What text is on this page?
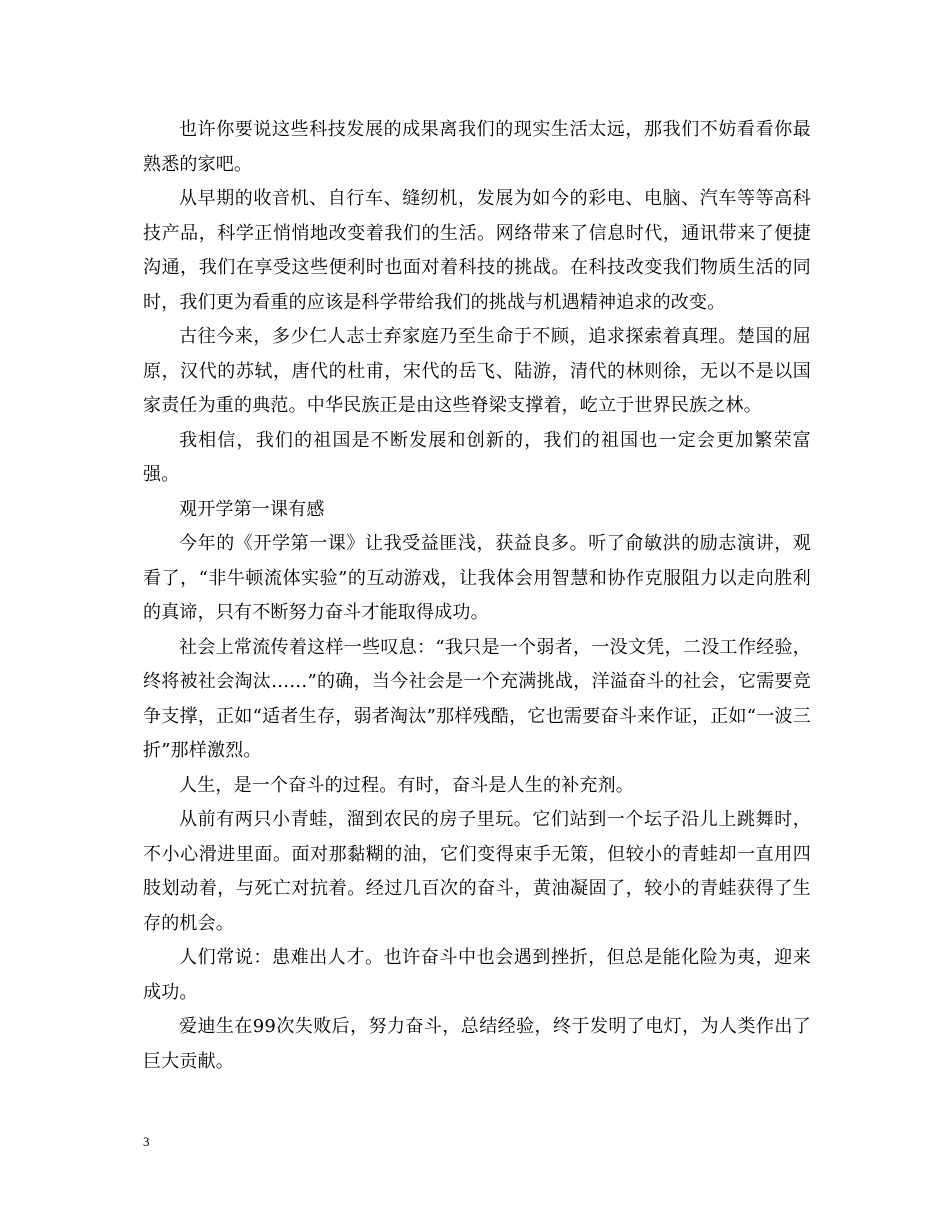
也许你要说这些科技发展的成果离我们的现实生活太远，那我们不妨看看你最熟悉的家吧。

从早期的收音机、自行车、缝纫机，发展为如今的彩电、电脑、汽车等等高科技产品，科学正悄悄地改变着我们的生活。网络带来了信息时代，通讯带来了便捷沟通，我们在享受这些便利时也面对着科技的挑战。在科技改变我们物质生活的同时，我们更为看重的应该是科学带给我们的挑战与机遇精神追求的改变。

古往今来，多少仁人志士弃家庭乃至生命于不顾，追求探索着真理。楚国的屈原，汉代的苏轼，唐代的杜甫，宋代的岳飞、陆游，清代的林则徐，无以不是以国家责任为重的典范。中华民族正是由这些脊梁支撑着，屹立于世界民族之林。

我相信，我们的祖国是不断发展和创新的，我们的祖国也一定会更加繁荣富强。

观开学第一课有感

今年的《开学第一课》让我受益匪浅，获益良多。听了俞敏洪的励志演讲，观看了，“非牛顿流体实验”的互动游戏，让我体会用智慧和协作克服阻力以走向胜利的真谛，只有不断努力奋斗才能取得成功。

社会上常流传着这样一些叹息：“我只是一个弱者，一没文凭，二没工作经验，终将被社会淘汰……”的确，当今社会是一个充满挑战，洋溢奋斗的社会，它需要竞争支撑，正如“适者生存，弱者淘汰”那样残酷，它也需要奋斗来作证，正如“一波三折”那样激烈。

人生，是一个奋斗的过程。有时，奋斗是人生的补充剂。

从前有两只小青蛙，溜到农民的房子里玩。它们站到一个坛子沿儿上跳舞时，不小心滑进里面。面对那黏糊的油，它们变得束手无策，但较小的青蛙却一直用四肢划动着，与死亡对抗着。经过几百次的奋斗，黄油凝固了，较小的青蛙获得了生存的机会。

人们常说：患难出人才。也许奋斗中也会遇到挫折，但总是能化险为夷，迎来成功。

爱迪生在99次失败后，努力奋斗，总结经验，终于发明了电灯，为人类作出了巨大贡献。

3
